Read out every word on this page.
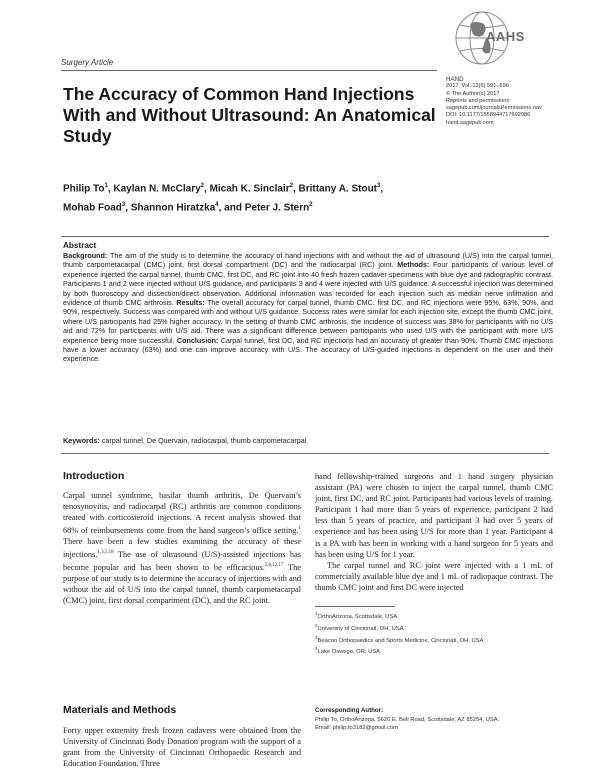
AAHS
Surgery Article
The Accuracy of Common Hand Injections With and Without Ultrasound: An Anatomical Study
HAND
2017, Vol. 12(6) 591–596
© The Author(s) 2017
Reprints and permissions:
sagepub.com/journalsPermissions.nav
DOI: 10.1177/1558944717692086
hand.sagepub.com
Philip To$^1$, Kaylan N. McClary$^2$, Micah K. Sinclair$^2$, Brittany A. Stout$^3$,
Mohab Foad$^3$, Shannon Hiratzka$^4$, and Peter J. Stern$^2$
Abstract
Background: The aim of the study is to determine the accuracy of hand injections with and without the aid of ultrasound (U/S) into the carpal tunnel, thumb carpometacarpal (CMC) joint, first dorsal compartment (DC) and the radiocarpal (RC) joint. Methods: Four participants of various level of experience injected the carpal tunnel, thumb CMC, first DC, and RC joint into 40 fresh frozen cadaver specimens with blue dye and radiographic contrast. Participants 1 and 2 were injected without U/S guidance, and participants 3 and 4 were injected with U/S guidance. A successful injection was determined by both fluoroscopy and dissection/direct observation. Additional information was recorded for each injection such as median nerve infiltration and evidence of thumb CMC arthrosis. Results: The overall accuracy for carpal tunnel, thumb CMC, first DC, and RC injections were 95%, 63%, 90%, and 90%, respectively. Success was compared with and without U/S guidance. Success rates were similar for each injection site, except the thumb CMC joint, where U/S participants had 25% higher accuracy. In the setting of thumb CMC arthrosis, the incidence of success was 38% for participants with no U/S aid and 72% for participants with U/S aid. There was a significant difference between participants who used U/S with the participant with more U/S experience being more successful. Conclusion: Carpal tunnel, first DC, and RC injections had an accuracy of greater than 90%. Thumb CMC injections have a lower accuracy (63%) and one can improve accuracy with U/S. The accuracy of U/S-guided injections is dependent on the user and their experience.
Keywords: carpal tunnel, De Quervain, radiocarpal, thumb carpometacarpal
Introduction

Carpal tunnel syndrome, basilar thumb arthritis, De Quervain’s tenosynovitis, and radiocarpal (RC) arthritis are common conditions treated with corticosteroid injections. A recent analysis showed that 68% of reimbursements come from the hand surgeon’s office setting.$^1$ There have been a few studies examining the accuracy of these injections.$^{1,3,5,18}$ The use of ultrasound (U/S)-assisted injections has become popular and has been shown to be efficacious.$^{2,8,12,17}$ The purpose of our study is to determine the accuracy of injections with and without the aid of U/S into the carpal tunnel, thumb carpometacarpal (CMC) joint, first dorsal compartment (DC), and the RC joint.

Materials and Methods

Forty upper extremity fresh frozen cadavers were obtained from the University of Cincinnati Body Donation program with the support of a grant from the University of Cincinnati Orthopaedic Research and Education Foundation. Three

hand fellowship-trained surgeons and 1 hand surgery physician assistant (PA) were chosen to inject the carpal tunnel, thumb CMC joint, first DC, and RC joint. Participants had various levels of training. Participant 1 had more than 5 years of experience, participant 2 had less than 5 years of practice, and participant 3 had over 5 years of experience and has been using U/S for more than 1 year. Participant 4 is a PA with has been in working with a hand surgeon for 5 years and has been using U/S for 1 year.

The carpal tunnel and RC joint were injected with a 1 mL of commercially available blue dye and 1 mL of radiopaque contrast. The thumb CMC joint and first DC were injected

$^1$OrthoArizona, Scottsdale, USA
$^2$University of Cincinnati, OH, USA
$^3$Beacon Orthopaedics and Sports Medicine, Cincinnati, OH, USA
$^4$Lake Oswego, OR, USA
Corresponding Author:
Philip To, OrthoArizona, 5620 E. Bell Road, Scottsdale, AZ 85254, USA.
Email: philip.to3182@gmail.com
